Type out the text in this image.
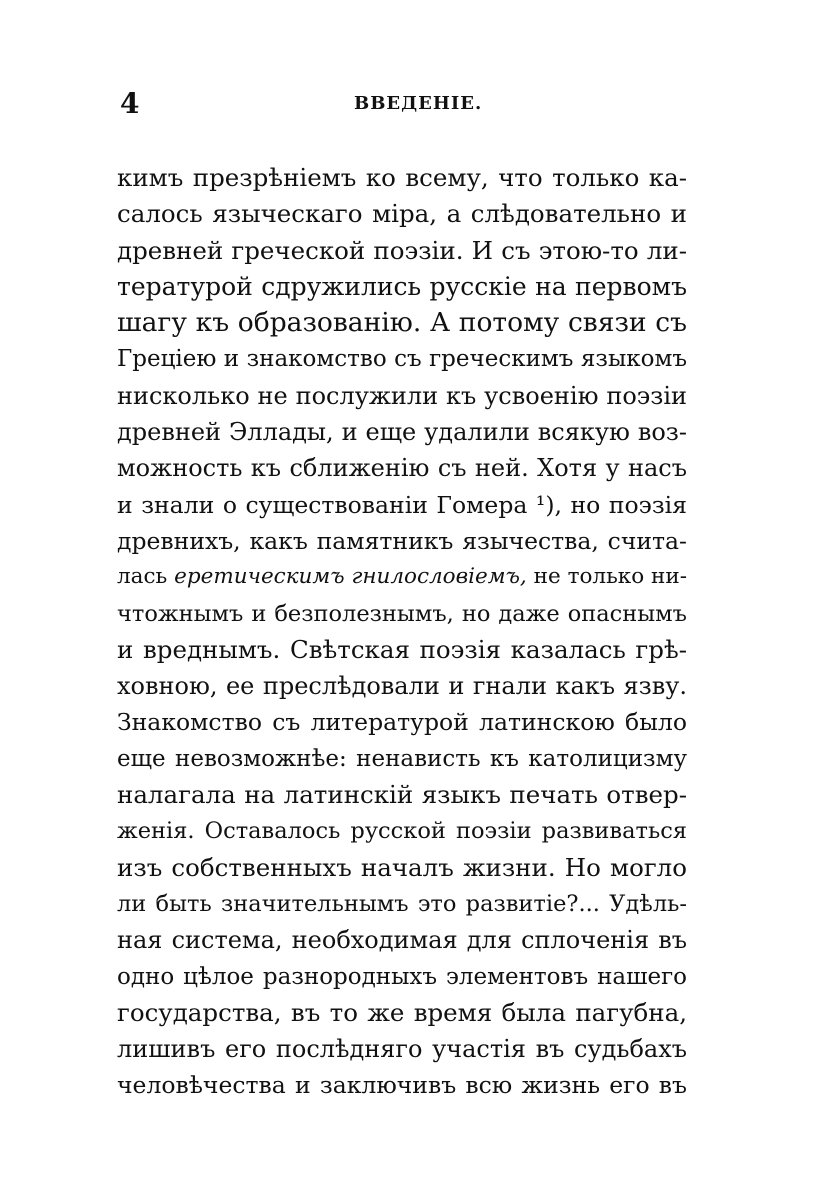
4	ВВЕДЕНІЕ.
кимъ презрѣніемъ ко всему, что только ка-
салось языческаго міра, а слѣдовательно и
древней греческой поэзіи. И съ этою-то ли-
тературой сдружились русскіе на первомъ
шагу къ образованію. А потому связи съ
Греціею и знакомство съ греческимъ языкомъ
нисколько не послужили къ усвоенію поэзіи
древней Эллады, и еще удалили всякую воз-
можность къ сближенію съ ней. Хотя у насъ
и знали о существованіи Гомера ¹), но поэзія
древнихъ, какъ памятникъ язычества, счита-
лась еретическимъ гнилословіемъ, не только ни-
чтожнымъ и безполезнымъ, но даже опаснымъ
и вреднымъ. Свѣтская поэзія казалась грѣ-
ховною, ее преслѣдовали и гнали какъ язву.
Знакомство съ литературой латинскою было
еще невозможнѣе: ненависть къ католицизму
налагала на латинскій языкъ печать отвер-
женія. Оставалось русской поэзіи развиваться
изъ собственныхъ началъ жизни. Но могло
ли быть значительнымъ это развитіе?... Удѣль-
ная система, необходимая для сплоченія въ
одно цѣлое разнородныхъ элементовъ нашего
государства, въ то же время была пагубна,
лишивъ его послѣдняго участія въ судьбахъ
человѣчества и заключивъ всю жизнь его въ
